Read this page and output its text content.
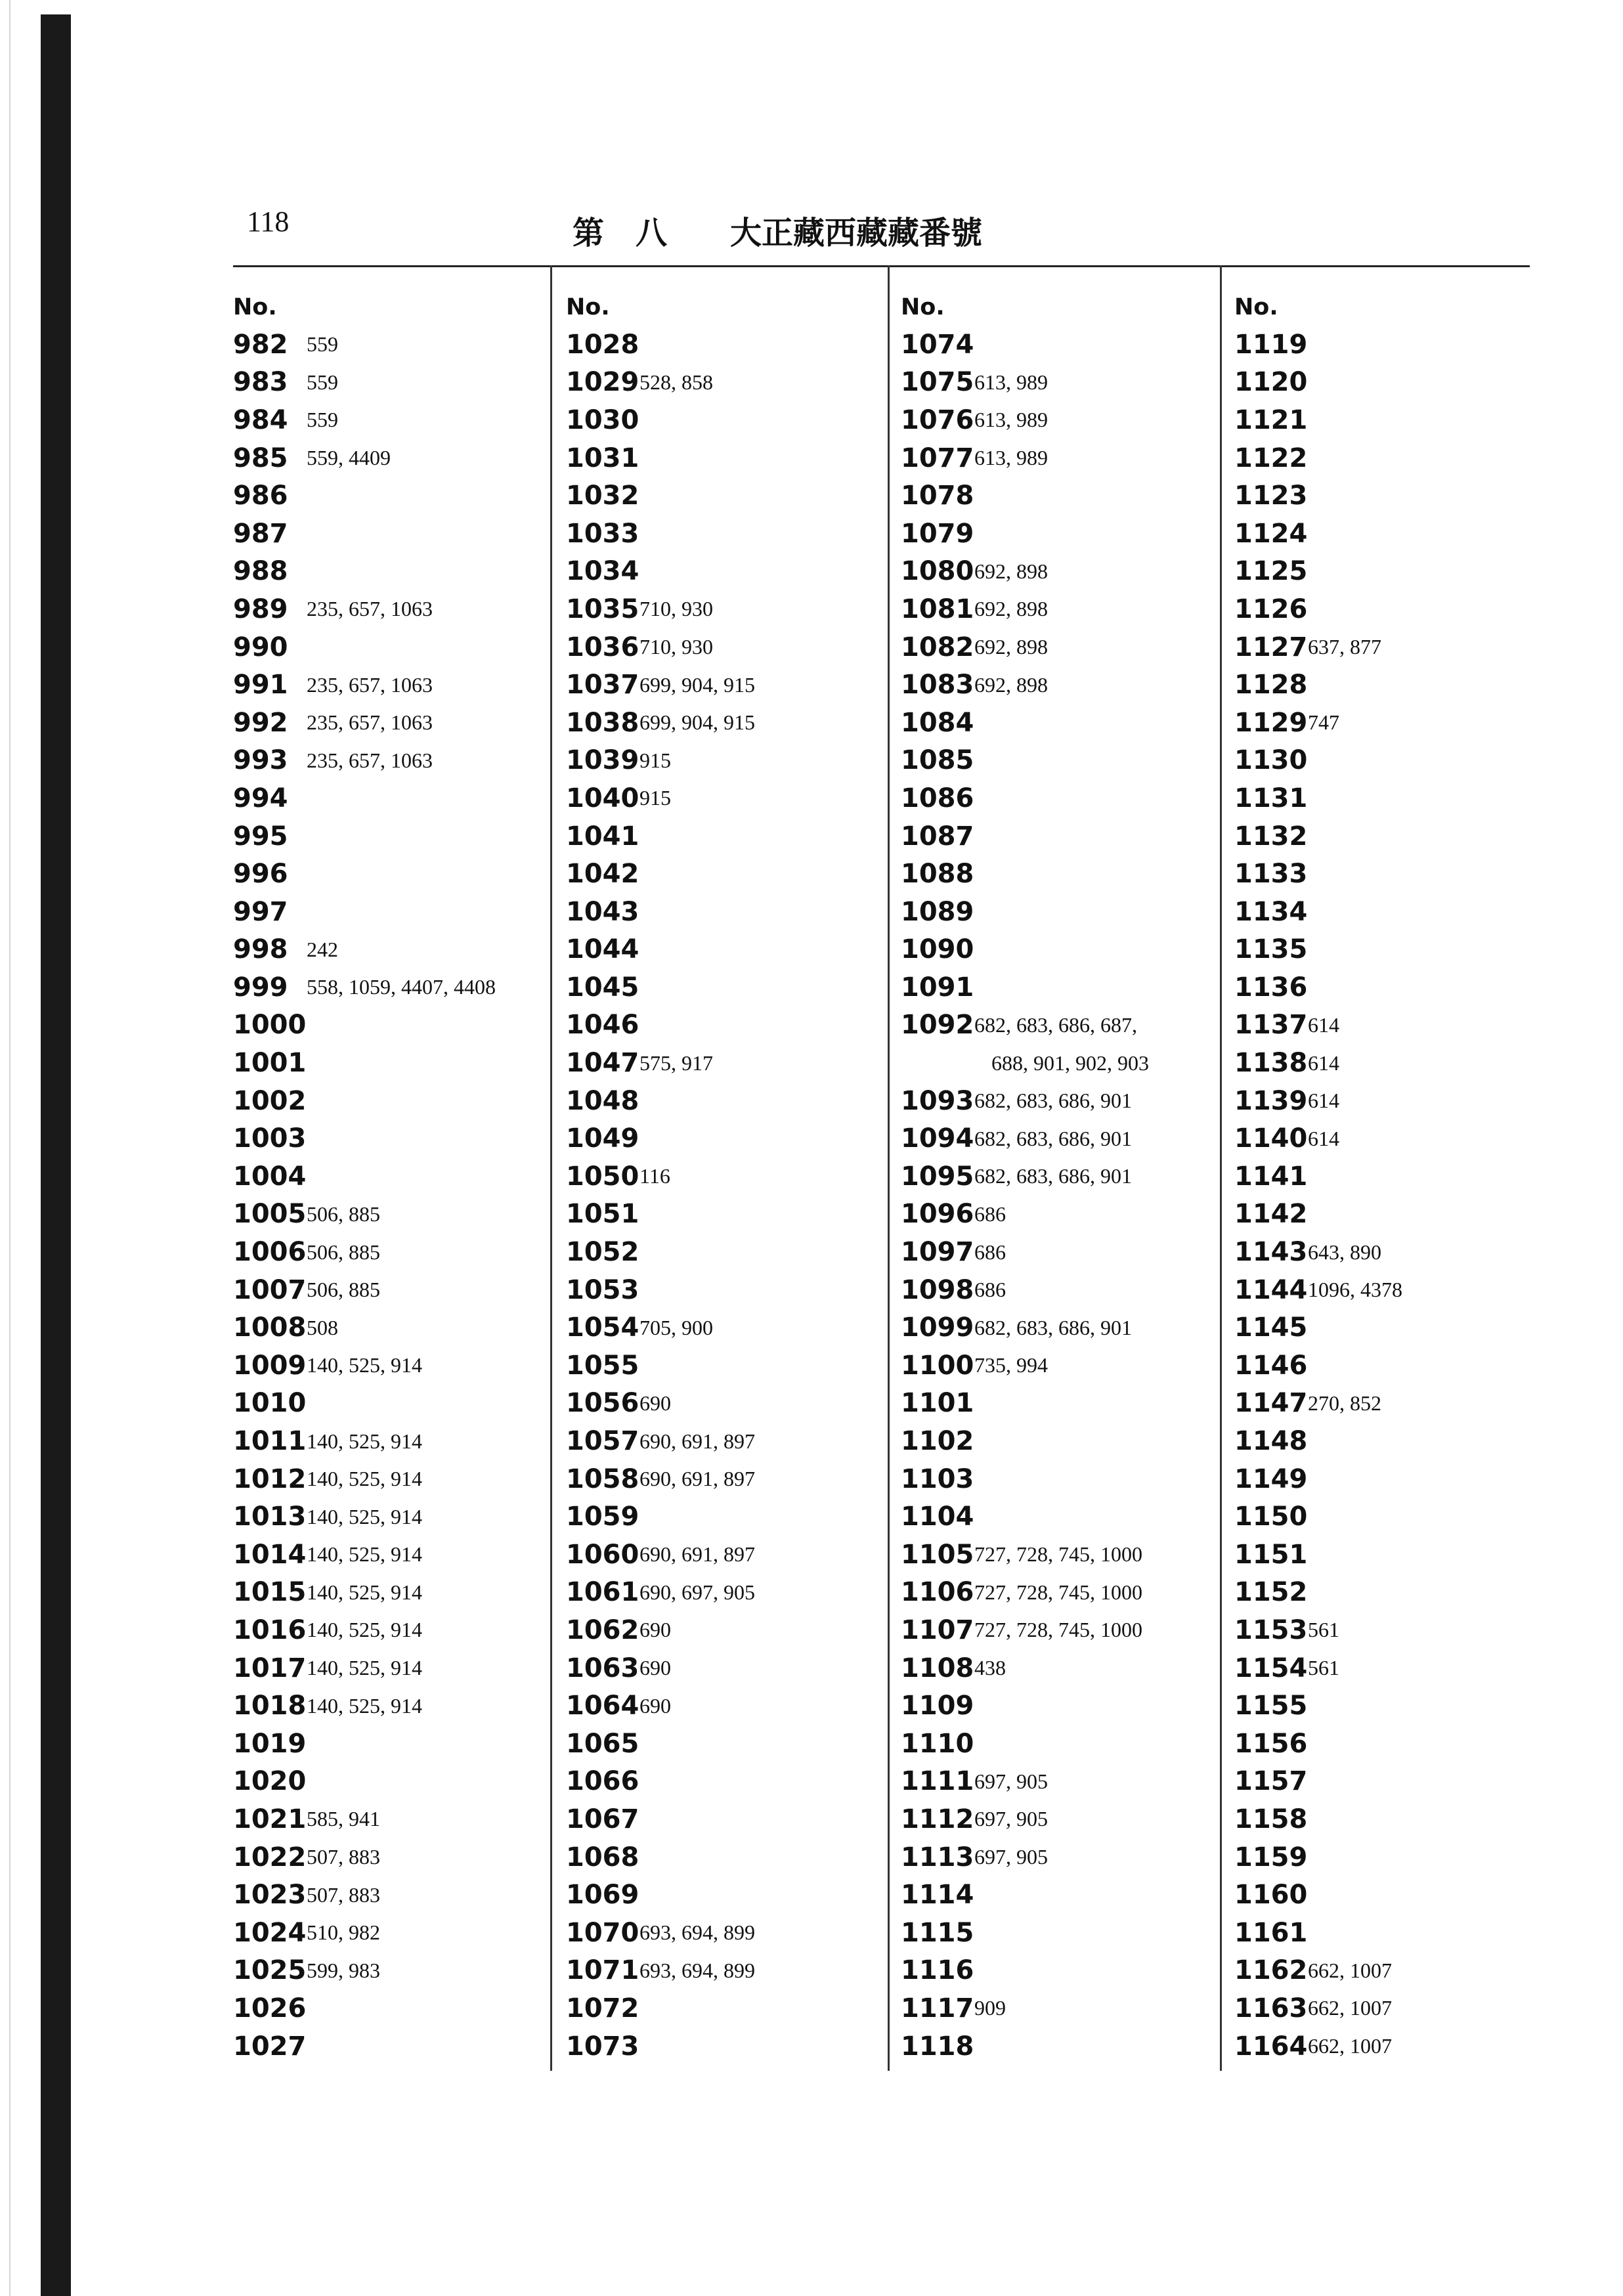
118	第　八　　大正藏西藏藏番號
No.
982 559
983 559
984 559
985 559, 4409
986
987
988
989 235, 657, 1063
990
991 235, 657, 1063
992 235, 657, 1063
993 235, 657, 1063
994
995
996
997
998 242
999 558, 1059, 4407, 4408
1000
1001
1002
1003
1004
1005 506, 885
1006 506, 885
1007 506, 885
1008 508
1009 140, 525, 914
1010
1011 140, 525, 914
1012 140, 525, 914
1013 140, 525, 914
1014 140, 525, 914
1015 140, 525, 914
1016 140, 525, 914
1017 140, 525, 914
1018 140, 525, 914
1019
1020
1021 585, 941
1022 507, 883
1023 507, 883
1024 510, 982
1025 599, 983
1026
1027
No.
1028
1029 528, 858
1030
1031
1032
1033
1034
1035 710, 930
1036 710, 930
1037 699, 904, 915
1038 699, 904, 915
1039 915
1040 915
1041
1042
1043
1044
1045
1046
1047 575, 917
1048
1049
1050 116
1051
1052
1053
1054 705, 900
1055
1056 690
1057 690, 691, 897
1058 690, 691, 897
1059
1060 690, 691, 897
1061 690, 697, 905
1062 690
1063 690
1064 690
1065
1066
1067
1068
1069
1070 693, 694, 899
1071 693, 694, 899
1072
1073
No.
1074
1075 613, 989
1076 613, 989
1077 613, 989
1078
1079
1080 692, 898
1081 692, 898
1082 692, 898
1083 692, 898
1084
1085
1086
1087
1088
1089
1090
1091
1092 682, 683, 686, 687,
688, 901, 902, 903
1093 682, 683, 686, 901
1094 682, 683, 686, 901
1095 682, 683, 686, 901
1096 686
1097 686
1098 686
1099 682, 683, 686, 901
1100 735, 994
1101
1102
1103
1104
1105 727, 728, 745, 1000
1106 727, 728, 745, 1000
1107 727, 728, 745, 1000
1108 438
1109
1110
1111 697, 905
1112 697, 905
1113 697, 905
1114
1115
1116
1117 909
1118
No.
1119
1120
1121
1122
1123
1124
1125
1126
1127 637, 877
1128
1129 747
1130
1131
1132
1133
1134
1135
1136
1137 614
1138 614
1139 614
1140 614
1141
1142
1143 643, 890
1144 1096, 4378
1145
1146
1147 270, 852
1148
1149
1150
1151
1152
1153 561
1154 561
1155
1156
1157
1158
1159
1160
1161
1162 662, 1007
1163 662, 1007
1164 662, 1007
